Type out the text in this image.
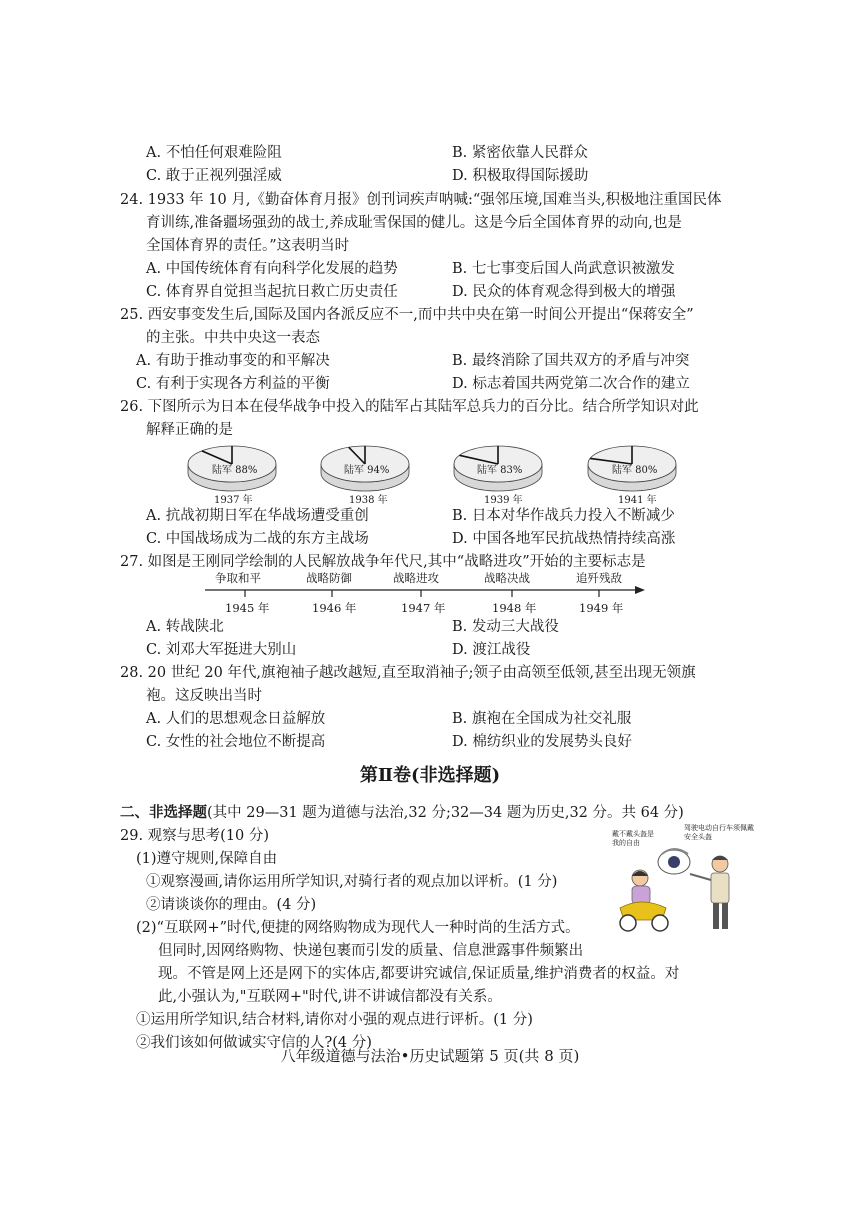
A. 不怕任何艰难险阻	B. 紧密依靠人民群众
C. 敢于正视列强淫威	D. 积极取得国际援助
24. 1933 年 10 月,《勤奋体育月报》创刊词疾声呐喊:“强邻压境,国难当头,积极地注重国民体
育训练,准备疆场强劲的战士,养成耻雪保国的健儿。这是今后全国体育界的动向,也是
全国体育界的责任。”这表明当时
A. 中国传统体育有向科学化发展的趋势	B. 七七事变后国人尚武意识被激发
C. 体育界自觉担当起抗日救亡历史责任	D. 民众的体育观念得到极大的增强
25. 西安事变发生后,国际及国内各派反应不一,而中共中央在第一时间公开提出“保蒋安全”
的主张。中共中央这一表态
A. 有助于推动事变的和平解决	B. 最终消除了国共双方的矛盾与冲突
C. 有利于实现各方利益的平衡	D. 标志着国共两党第二次合作的建立
26. 下图所示为日本在侵华战争中投入的陆军占其陆军总兵力的百分比。结合所学知识对此
解释正确的是
陆军 88%	陆军 94%	陆军 83%	陆军 80%
1937 年	1938 年	1939 年	1941 年
A. 抗战初期日军在华战场遭受重创	B. 日本对华作战兵力投入不断减少
C. 中国战场成为二战的东方主战场	D. 中国各地军民抗战热情持续高涨
27. 如图是王刚同学绘制的人民解放战争年代尺,其中“战略进攻”开始的主要标志是
争取和平	战略防御	战略进攻	战略决战	追歼残敌
1945 年	1946 年	1947 年	1948 年	1949 年
A. 转战陕北	B. 发动三大战役
C. 刘邓大军挺进大别山	D. 渡江战役
28. 20 世纪 20 年代,旗袍袖子越改越短,直至取消袖子;领子由高领至低领,甚至出现无领旗
袍。这反映出当时
A. 人们的思想观念日益解放	B. 旗袍在全国成为社交礼服
C. 女性的社会地位不断提高	D. 棉纺织业的发展势头良好
第Ⅱ卷(非选择题)
二、非选择题(其中 29—31 题为道德与法治,32 分;32—34 题为历史,32 分。共 64 分)
29. 观察与思考(10 分)
(1)遵守规则,保障自由
①观察漫画,请你运用所学知识,对骑行者的观点加以评析。(1 分)
②请谈谈你的理由。(4 分)
(2)“互联网+”时代,便捷的网络购物成为现代人一种时尚的生活方式。
但同时,因网络购物、快递包裹而引发的质量、信息泄露事件频繁出
现。不管是网上还是网下的实体店,都要讲究诚信,保证质量,维护消费者的权益。对
此,小强认为,"互联网+"时代,讲不讲诚信都没有关系。
①运用所学知识,结合材料,请你对小强的观点进行评析。(1 分)
②我们该如何做诚实守信的人?(4 分)
戴不戴头盔是我的自由
驾驶电动自行车须佩戴安全头盔
八年级道德与法治•历史试题第 5 页(共 8 页)
